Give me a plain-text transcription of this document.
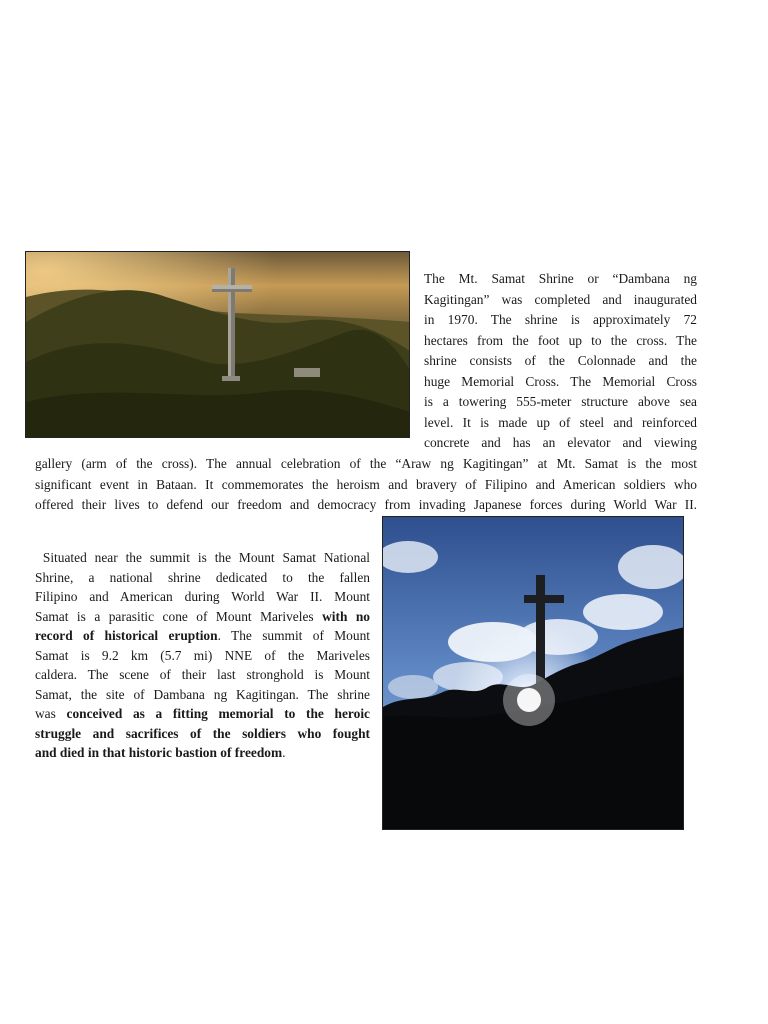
The Mt. Samat Shrine or “Dambana ng
Kagitingan” was completed and inaugurated
in 1970. The shrine is approximately 72
hectares from the foot up to the cross. The
shrine consists of the Colonnade and the
huge Memorial Cross. The Memorial Cross
is a towering 555-meter structure above sea
level. It is made up of steel and reinforced
concrete and has an elevator and viewing
gallery (arm of the cross). The annual celebration of the “Araw ng Kagitingan” at Mt. Samat is the most
significant event in Bataan. It commemorates the heroism and bravery of Filipino and American soldiers who
offered their lives to defend our freedom and democracy from invading Japanese forces during World War II.
Situated near the summit is the Mount Samat National
Shrine, a national shrine dedicated to the fallen
Filipino and American during World War II. Mount
Samat is a parasitic cone of Mount Mariveles with no
record of historical eruption. The summit of Mount
Samat is 9.2 km (5.7 mi) NNE of the Mariveles
caldera. The scene of their last stronghold is Mount
Samat, the site of Dambana ng Kagitingan. The shrine
was conceived as a fitting memorial to the heroic
struggle and sacrifices of the soldiers who fought
and died in that historic bastion of freedom.
